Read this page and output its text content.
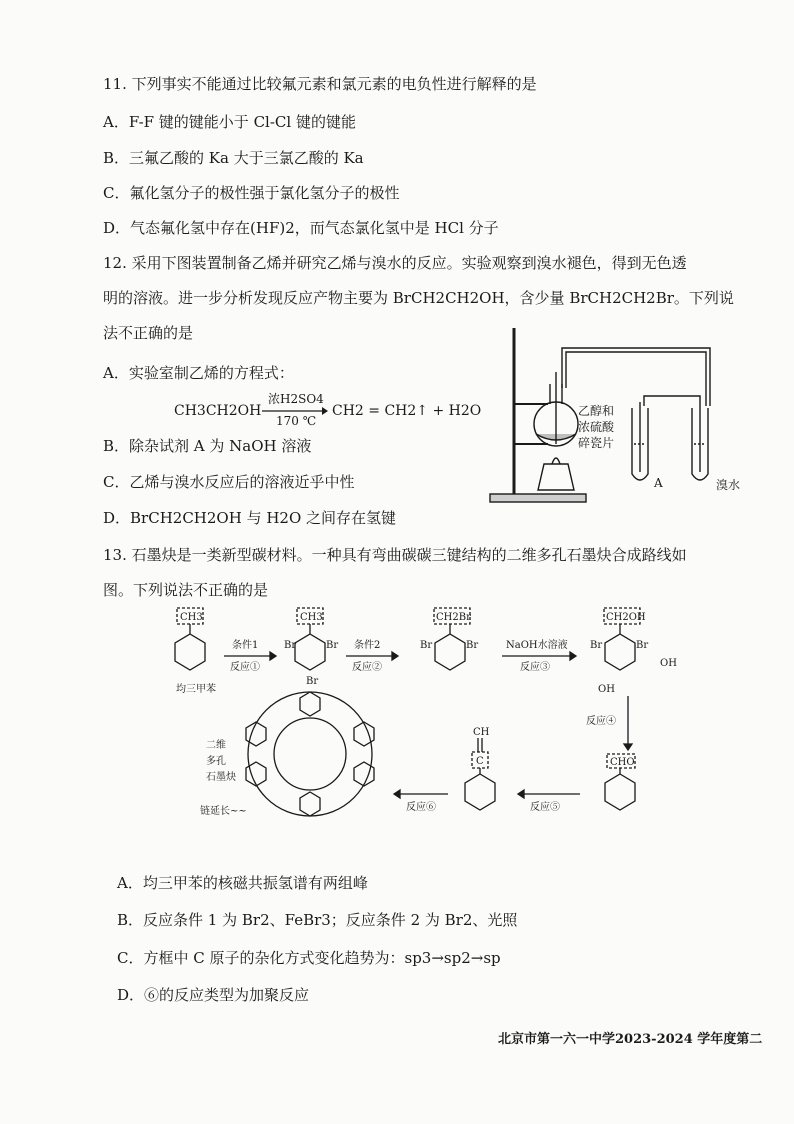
11. 下列事实不能通过比较氟元素和氯元素的电负性进行解释的是
A．F-F 键的键能小于 Cl-Cl 键的键能
B．三氟乙酸的 Ka 大于三氯乙酸的 Ka
C．氟化氢分子的极性强于氯化氢分子的极性
D．气态氟化氢中存在(HF)2，而气态氯化氢中是 HCl 分子
12. 采用下图装置制备乙烯并研究乙烯与溴水的反应。实验观察到溴水褪色，得到无色透
明的溶液。进一步分析发现反应产物主要为 BrCH2CH2OH，含少量 BrCH2CH2Br。下列说
法不正确的是
A．实验室制乙烯的方程式：
CH3CH2OH
浓H2SO4
170 ℃
CH2 = CH2↑ + H2O
B．除杂试剂 A 为 NaOH 溶液
C．乙烯与溴水反应后的溶液近乎中性
D．BrCH2CH2OH 与 H2O 之间存在氢键
乙醇和
浓硫酸
碎瓷片
A	溴水
13. 石墨炔是一类新型碳材料。一种具有弯曲碳碳三键结构的二维多孔石墨炔合成路线如
图。下列说法不正确的是
CH3	CH3	CH2Br	CH2OH
CHO
CH
C
Br	Br
Br
Br	Br	Br	Br
OH
OH
均三甲苯
条件1
反应①
条件2
反应②
NaOH水溶液
反应③
反应④
反应⑤
反应⑥
二维
多孔
石墨炔
链延长~~
A．均三甲苯的核磁共振氢谱有两组峰
B．反应条件 1 为 Br2、FeBr3；反应条件 2 为 Br2、光照
C．方框中 C 原子的杂化方式变化趋势为：sp3→sp2→sp
D．⑥的反应类型为加聚反应
北京市第一六一中学2023-2024 学年度第二
